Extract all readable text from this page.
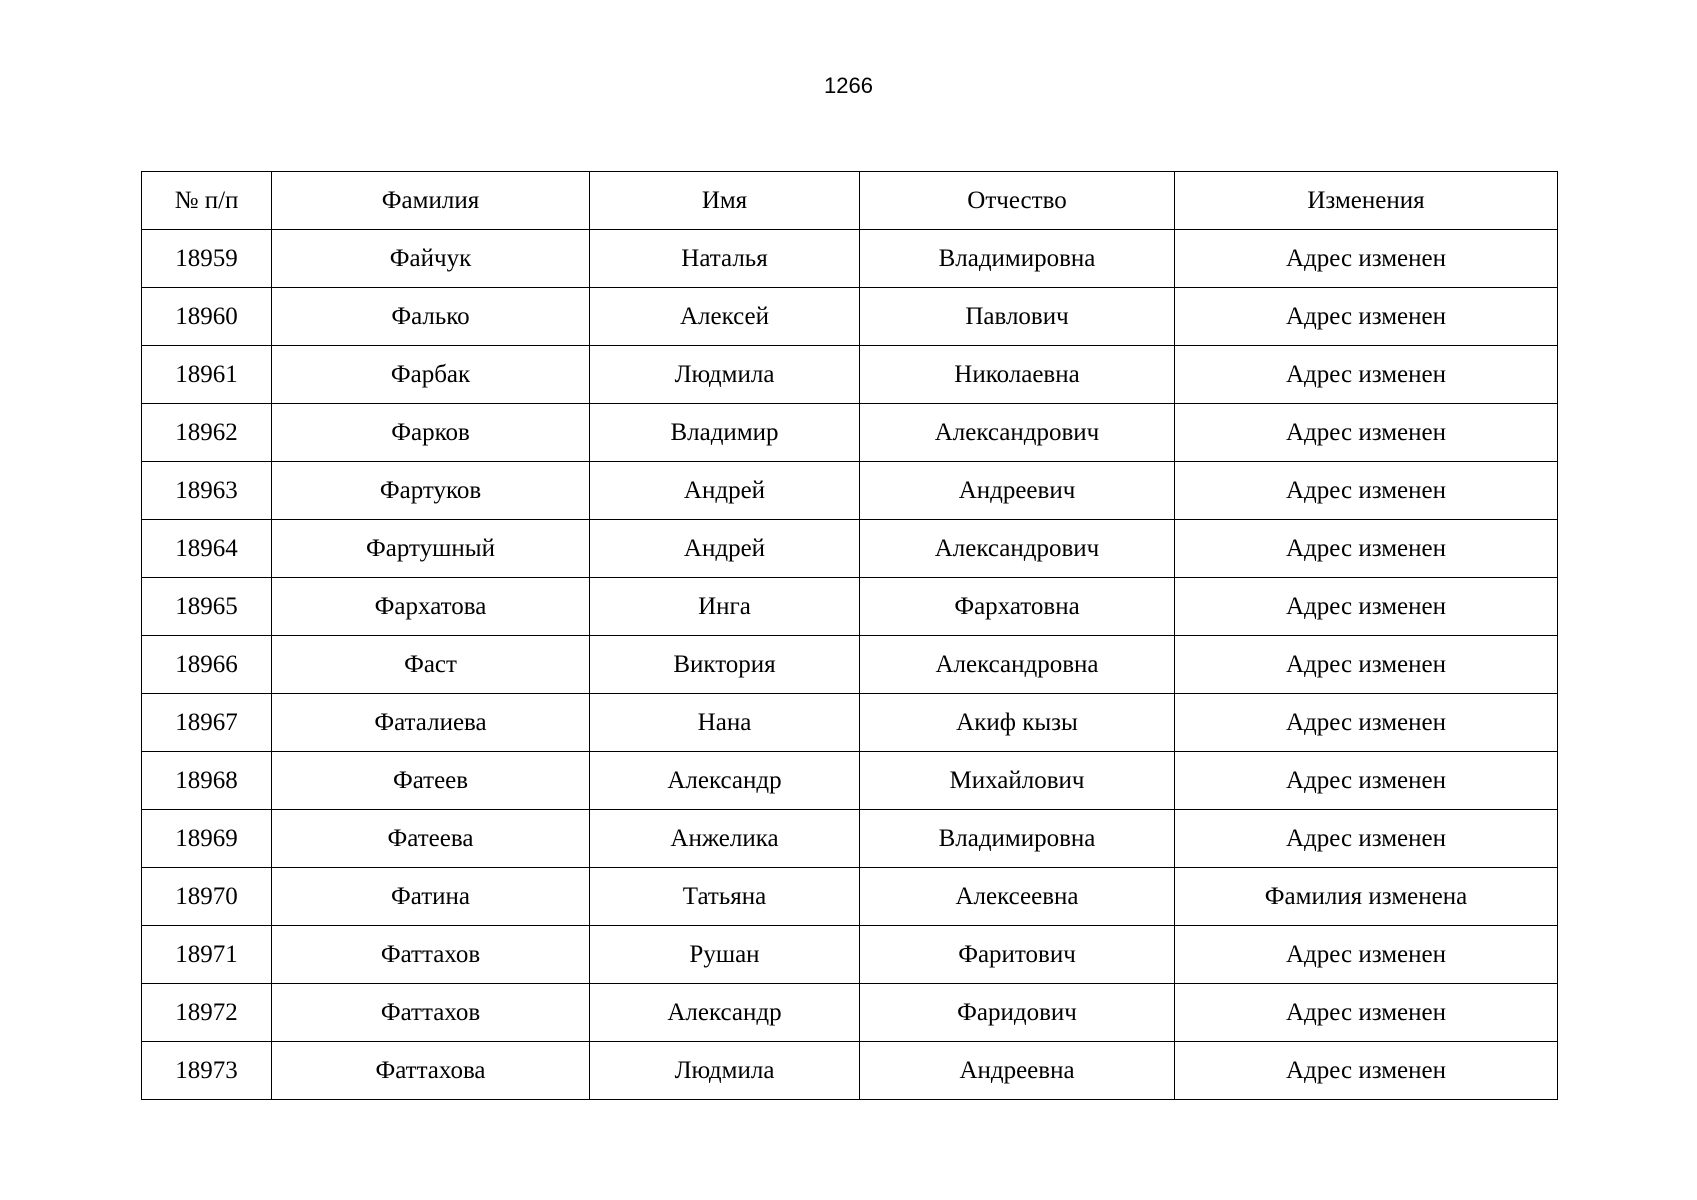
1266
№ п/п	Фамилия	Имя	Отчество	Изменения
18959	Файчук	Наталья	Владимировна	Адрес изменен
18960	Фалько	Алексей	Павлович	Адрес изменен
18961	Фарбак	Людмила	Николаевна	Адрес изменен
18962	Фарков	Владимир	Александрович	Адрес изменен
18963	Фартуков	Андрей	Андреевич	Адрес изменен
18964	Фартушный	Андрей	Александрович	Адрес изменен
18965	Фархатова	Инга	Фархатовна	Адрес изменен
18966	Фаст	Виктория	Александровна	Адрес изменен
18967	Фаталиева	Нана	Акиф кызы	Адрес изменен
18968	Фатеев	Александр	Михайлович	Адрес изменен
18969	Фатеева	Анжелика	Владимировна	Адрес изменен
18970	Фатина	Татьяна	Алексеевна	Фамилия изменена
18971	Фаттахов	Рушан	Фаритович	Адрес изменен
18972	Фаттахов	Александр	Фаридович	Адрес изменен
18973	Фаттахова	Людмила	Андреевна	Адрес изменен
